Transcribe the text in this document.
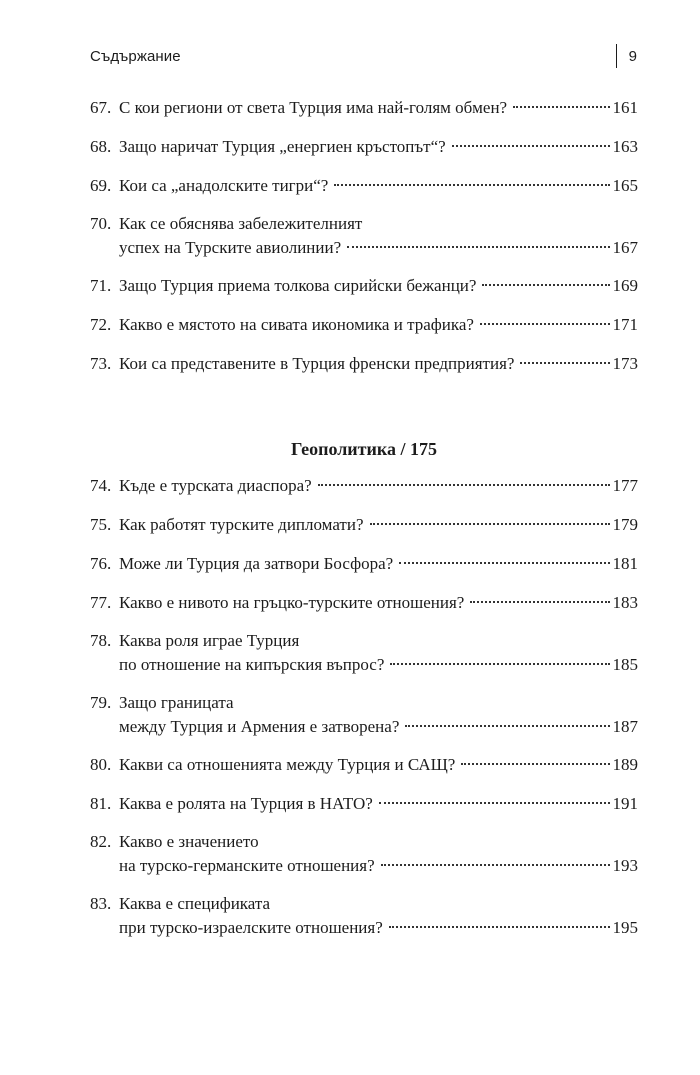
Съдържание	9
67. С кои региони от света Турция има най-голям обмен?	161
68. Защо наричат Турция „енергиен кръстопът“?	163
69. Кои са „анадолските тигри“?	165
70. Как се обяснява забележителният
успех на Турските авиолинии?	167
71. Защо Турция приема толкова сирийски бежанци?	169
72. Какво е мястото на сивата икономика и трафика?	171
73. Кои са представените в Турция френски предприятия?	173
Геополитика / 175
74. Къде е турската диаспора?	177
75. Как работят турските дипломати?	179
76. Може ли Турция да затвори Босфора?	181
77. Какво е нивото на гръцко-турските отношения?	183
78. Каква роля играе Турция
по отношение на кипърския въпрос?	185
79. Защо границата
между Турция и Армения е затворена?	187
80. Какви са отношенията между Турция и САЩ?	189
81. Каква е ролята на Турция в НАТО?	191
82. Какво е значението
на турско-германските отношения?	193
83. Каква е спецификата
при турско-израелските отношения?	195
